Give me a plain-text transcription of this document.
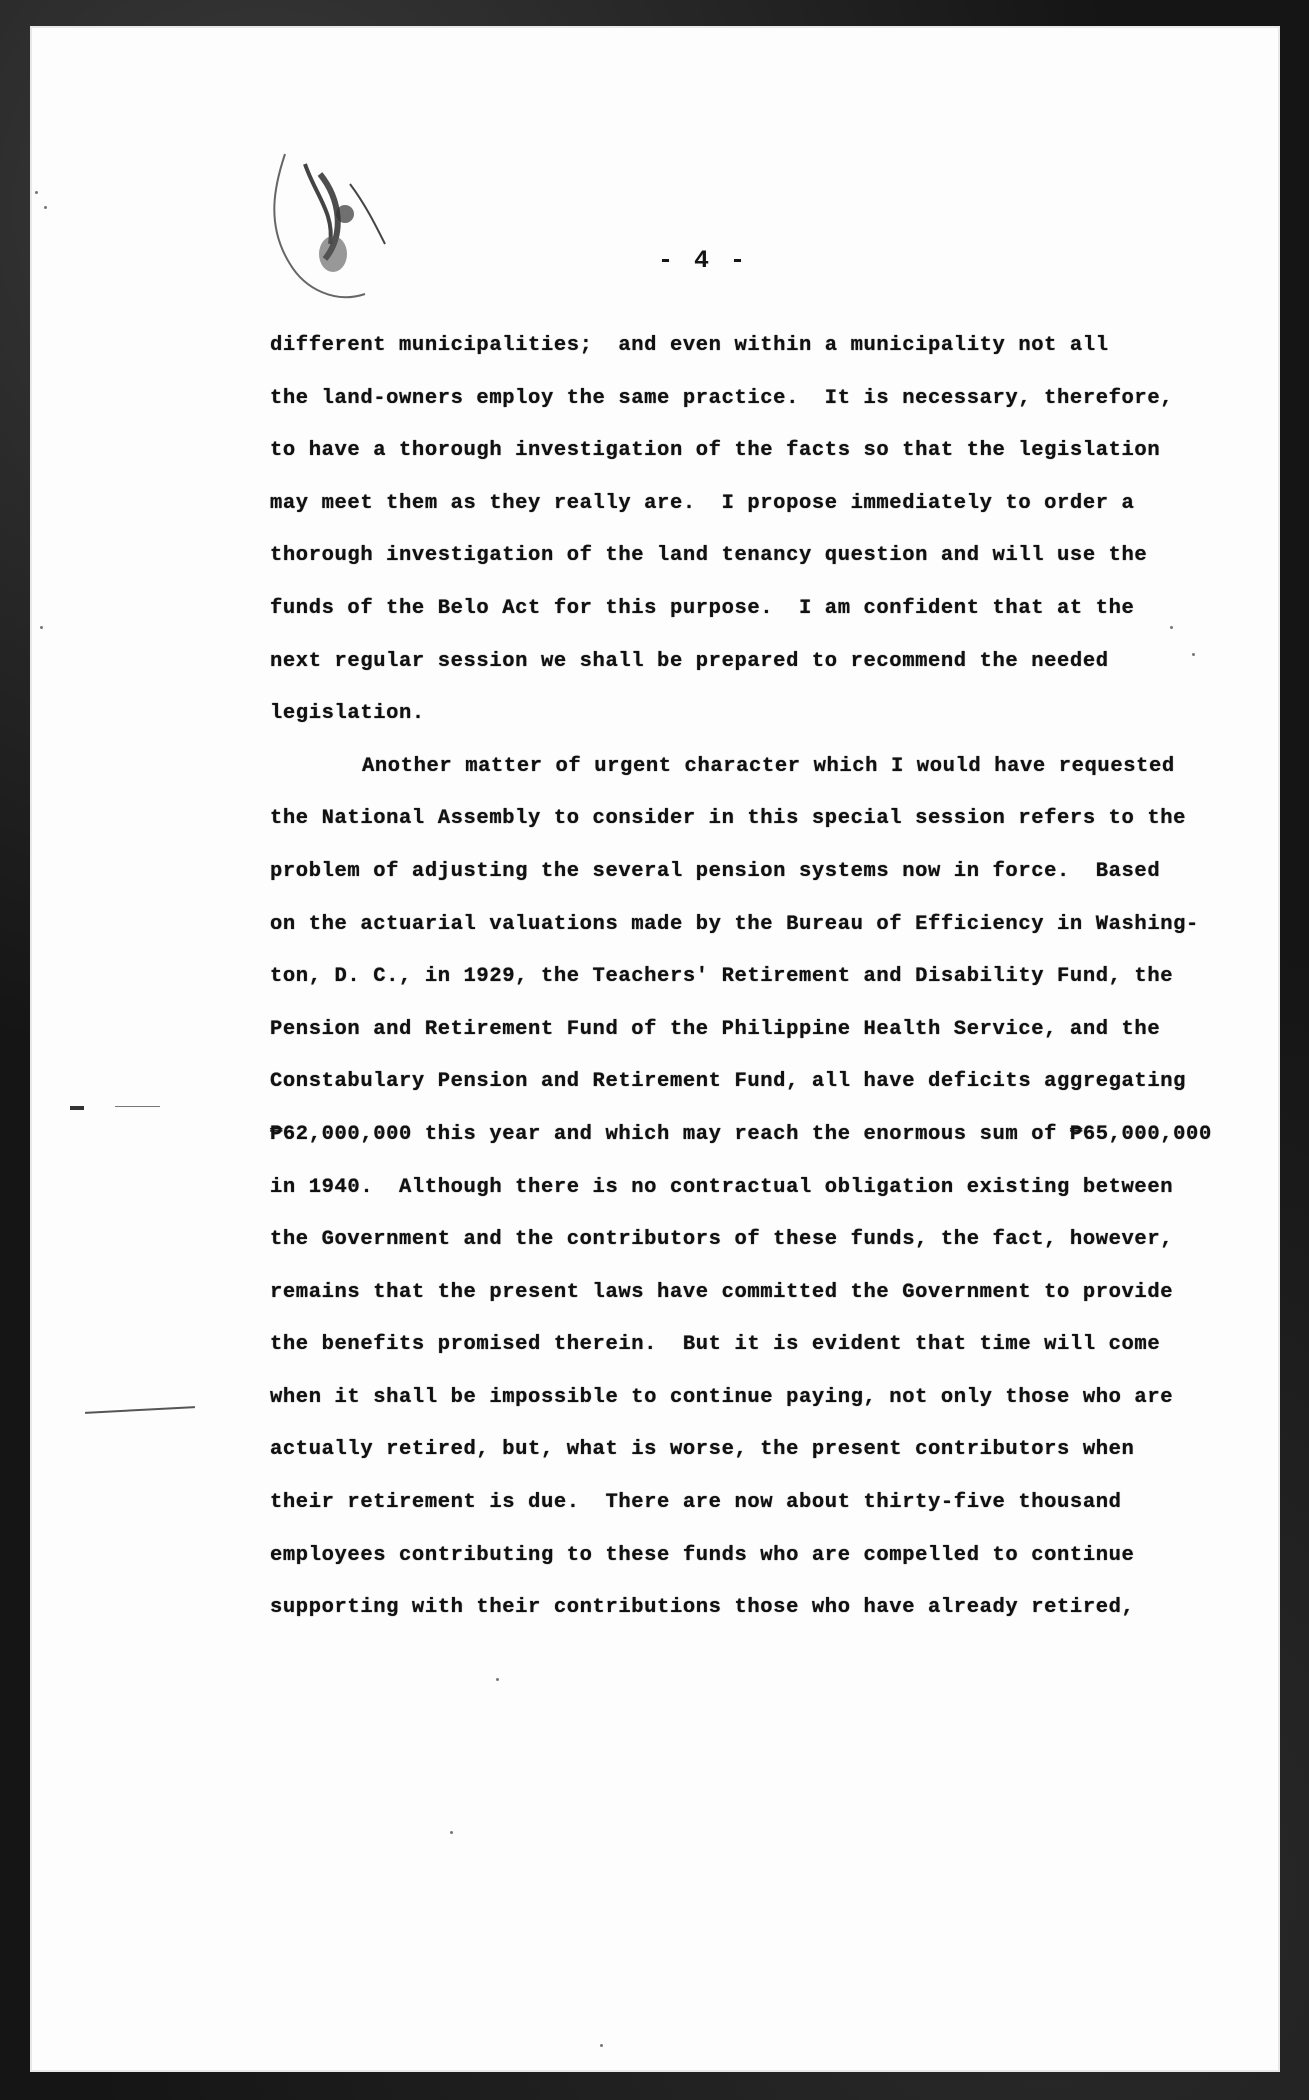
- 4 -
different municipalities;  and even within a municipality not all
the land-owners employ the same practice.  It is necessary, therefore,
to have a thorough investigation of the facts so that the legislation
may meet them as they really are.  I propose immediately to order a
thorough investigation of the land tenancy question and will use the
funds of the Belo Act for this purpose.  I am confident that at the
next regular session we shall be prepared to recommend the needed
legislation.
Another matter of urgent character which I would have requested
the National Assembly to consider in this special session refers to the
problem of adjusting the several pension systems now in force.  Based
on the actuarial valuations made by the Bureau of Efficiency in Washing-
ton, D. C., in 1929, the Teachers' Retirement and Disability Fund, the
Pension and Retirement Fund of the Philippine Health Service, and the
Constabulary Pension and Retirement Fund, all have deficits aggregating
₱62,000,000 this year and which may reach the enormous sum of ₱65,000,000
in 1940.  Although there is no contractual obligation existing between
the Government and the contributors of these funds, the fact, however,
remains that the present laws have committed the Government to provide
the benefits promised therein.  But it is evident that time will come
when it shall be impossible to continue paying, not only those who are
actually retired, but, what is worse, the present contributors when
their retirement is due.  There are now about thirty-five thousand
employees contributing to these funds who are compelled to continue
supporting with their contributions those who have already retired,
